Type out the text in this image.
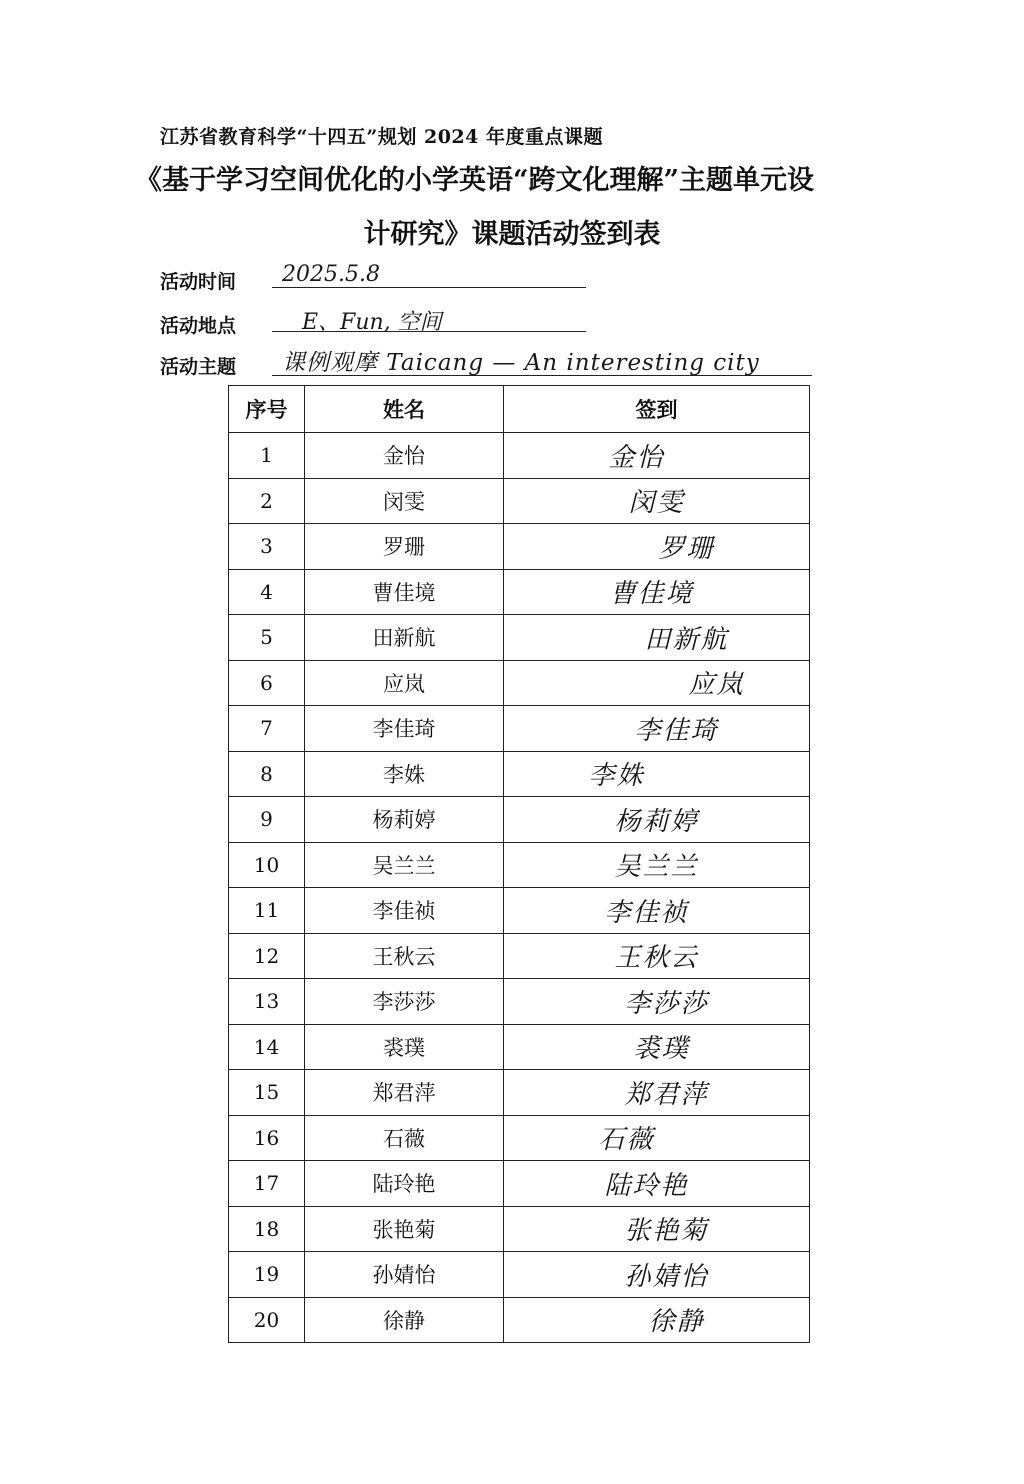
江苏省教育科学“十四五”规划 2024 年度重点课题
《基于学习空间优化的小学英语“跨文化理解”主题单元设
计研究》课题活动签到表
活动时间 2025.5.8
活动地点	E、Fun, 空间
活动主题 课例观摩 Taicang — An interesting city
序号	姓名	签到
1	金怡	金怡
2	闵雯	闵雯
3	罗珊	罗珊
4	曹佳境	曹佳境
5	田新航	田新航
6	应岚	应岚
7	李佳琦	李佳琦
8	李姝	李姝
9	杨莉婷	杨莉婷
10	吴兰兰	吴兰兰
11	李佳祯	李佳祯
12	王秋云	王秋云
13	李莎莎	李莎莎
14	裘璞	裘璞
15	郑君萍	郑君萍
16	石薇	石薇
17	陆玲艳	陆玲艳
18	张艳菊	张艳菊
19	孙婧怡	孙婧怡
20	徐静	徐静
